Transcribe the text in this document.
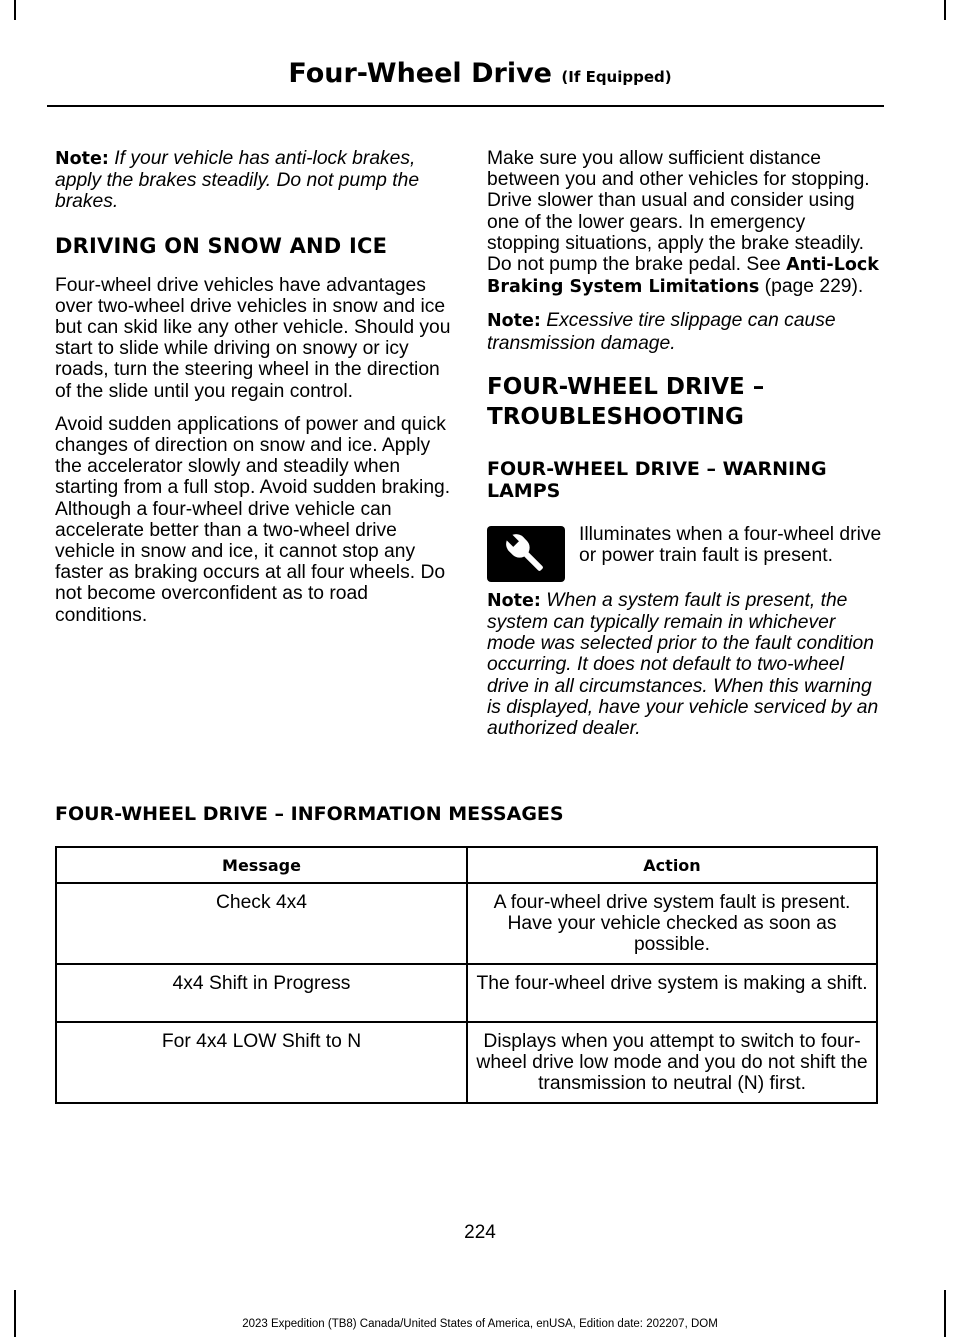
Four-Wheel Drive (If Equipped)

Note: If your vehicle has anti-lock brakes, apply the brakes steadily. Do not pump the brakes.

DRIVING ON SNOW AND ICE

Four-wheel drive vehicles have advantages over two-wheel drive vehicles in snow and ice but can skid like any other vehicle. Should you start to slide while driving on snowy or icy roads, turn the steering wheel in the direction of the slide until you regain control.

Avoid sudden applications of power and quick changes of direction on snow and ice. Apply the accelerator slowly and steadily when starting from a full stop. Avoid sudden braking. Although a four-wheel drive vehicle can accelerate better than a two-wheel drive vehicle in snow and ice, it cannot stop any faster as braking occurs at all four wheels. Do not become overconfident as to road conditions.

Make sure you allow sufficient distance between you and other vehicles for stopping. Drive slower than usual and consider using one of the lower gears. In emergency stopping situations, apply the brake steadily. Do not pump the brake pedal. See Anti-Lock Braking System Limitations (page 229).

Note: Excessive tire slippage can cause transmission damage.

FOUR-WHEEL DRIVE –
TROUBLESHOOTING
FOUR-WHEEL DRIVE – WARNING LAMPS
Illuminates when a four-wheel drive or power train fault is present.

Note: When a system fault is present, the system can typically remain in whichever mode was selected prior to the fault condition occurring. It does not default to two-wheel drive in all circumstances. When this warning is displayed, have your vehicle serviced by an authorized dealer.

FOUR-WHEEL DRIVE – INFORMATION MESSAGES
Message	Action
Check 4x4	A four-wheel drive system fault is present. Have your vehicle checked as soon as possible.
4x4 Shift in Progress	The four-wheel drive system is making a shift.
For 4x4 LOW Shift to N	Displays when you attempt to switch to four-wheel drive low mode and you do not shift the transmission to neutral (N) first.
224
2023 Expedition (TB8) Canada/United States of America, enUSA, Edition date: 202207, DOM
